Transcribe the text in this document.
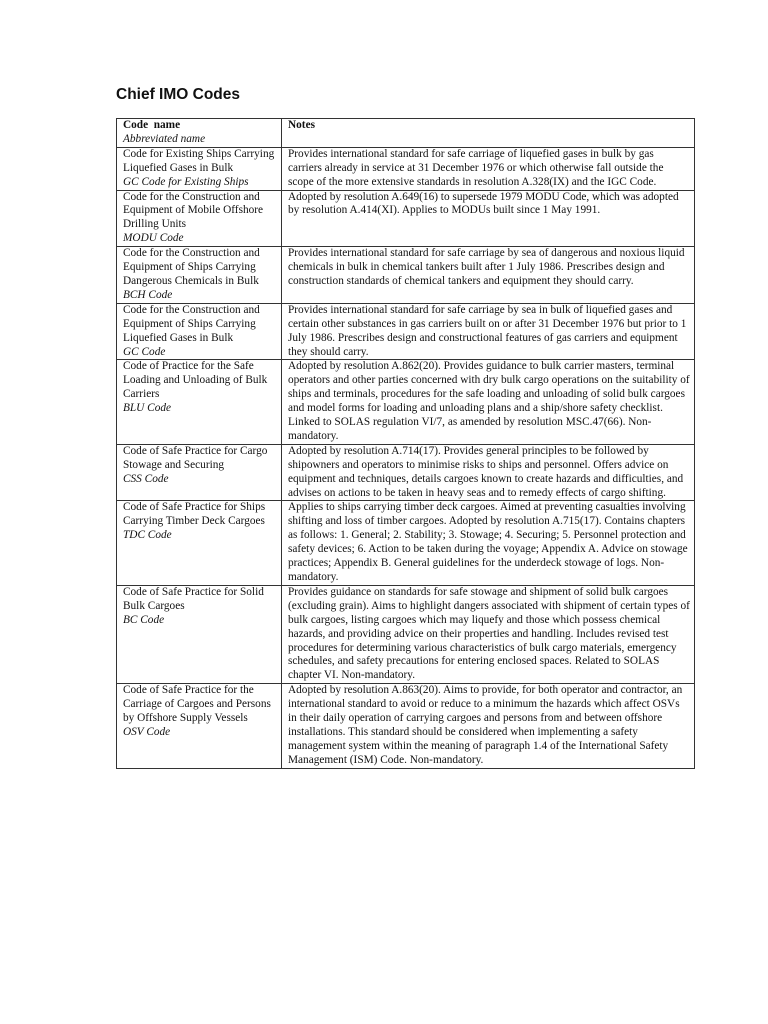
Chief IMO Codes
Code  name
Abbreviated name	Notes

Code for Existing Ships Carrying Liquefied Gases in Bulk
GC Code for Existing Ships	Provides international standard for safe carriage of liquefied gases in bulk by gas carriers already in service at 31 December 1976 or which otherwise fall outside the scope of the more extensive standards in resolution A.328(IX) and the IGC Code.

Code for the Construction and Equipment of Mobile Offshore Drilling Units
MODU Code	Adopted by resolution A.649(16) to supersede 1979 MODU Code, which was adopted by resolution A.414(XI). Applies to MODUs built since 1 May 1991.

Code for the Construction and Equipment of Ships Carrying Dangerous Chemicals in Bulk
BCH Code	Provides international standard for safe carriage by sea of dangerous and noxious liquid chemicals in bulk in chemical tankers built after 1 July 1986. Prescribes design and construction standards of chemical tankers and equipment they should carry.

Code for the Construction and Equipment of Ships Carrying Liquefied Gases in Bulk
GC Code	Provides international standard for safe carriage by sea in bulk of liquefied gases and certain other substances in gas carriers built on or after 31 December 1976 but prior to 1 July 1986. Prescribes design and constructional features of gas carriers and equipment they should carry.

Code of Practice for the Safe Loading and Unloading of Bulk Carriers
BLU Code	Adopted by resolution A.862(20). Provides guidance to bulk carrier masters, terminal operators and other parties concerned with dry bulk cargo operations on the suitability of ships and terminals, procedures for the safe loading and unloading of solid bulk cargoes and model forms for loading and unloading plans and a ship/shore safety checklist. Linked to SOLAS regulation VI/7, as amended by resolution MSC.47(66). Non-mandatory.

Code of Safe Practice for Cargo Stowage and Securing
CSS Code	Adopted by resolution A.714(17). Provides general principles to be followed by shipowners and operators to minimise risks to ships and personnel. Offers advice on equipment and techniques, details cargoes known to create hazards and difficulties, and advises on actions to be taken in heavy seas and to remedy effects of cargo shifting.

Code of Safe Practice for Ships Carrying Timber Deck Cargoes
TDC Code	Applies to ships carrying timber deck cargoes. Aimed at preventing casualties involving shifting and loss of timber cargoes. Adopted by resolution A.715(17). Contains chapters as follows: 1. General; 2. Stability; 3. Stowage; 4. Securing; 5. Personnel protection and safety devices; 6. Action to be taken during the voyage; Appendix A. Advice on stowage practices; Appendix B. General guidelines for the underdeck stowage of logs. Non-mandatory.

Code of Safe Practice for Solid Bulk Cargoes
BC Code	Provides guidance on standards for safe stowage and shipment of solid bulk cargoes (excluding grain). Aims to highlight dangers associated with shipment of certain types of bulk cargoes, listing cargoes which may liquefy and those which possess chemical hazards, and providing advice on their properties and handling. Includes revised test procedures for determining various characteristics of bulk cargo materials, emergency schedules, and safety precautions for entering enclosed spaces. Related to SOLAS chapter VI. Non-mandatory.

Code of Safe Practice for the Carriage of Cargoes and Persons by Offshore Supply Vessels
OSV Code	Adopted by resolution A.863(20). Aims to provide, for both operator and contractor, an international standard to avoid or reduce to a minimum the hazards which affect OSVs in their daily operation of carrying cargoes and persons from and between offshore installations. This standard should be considered when implementing a safety management system within the meaning of paragraph 1.4 of the International Safety Management (ISM) Code. Non-mandatory.
